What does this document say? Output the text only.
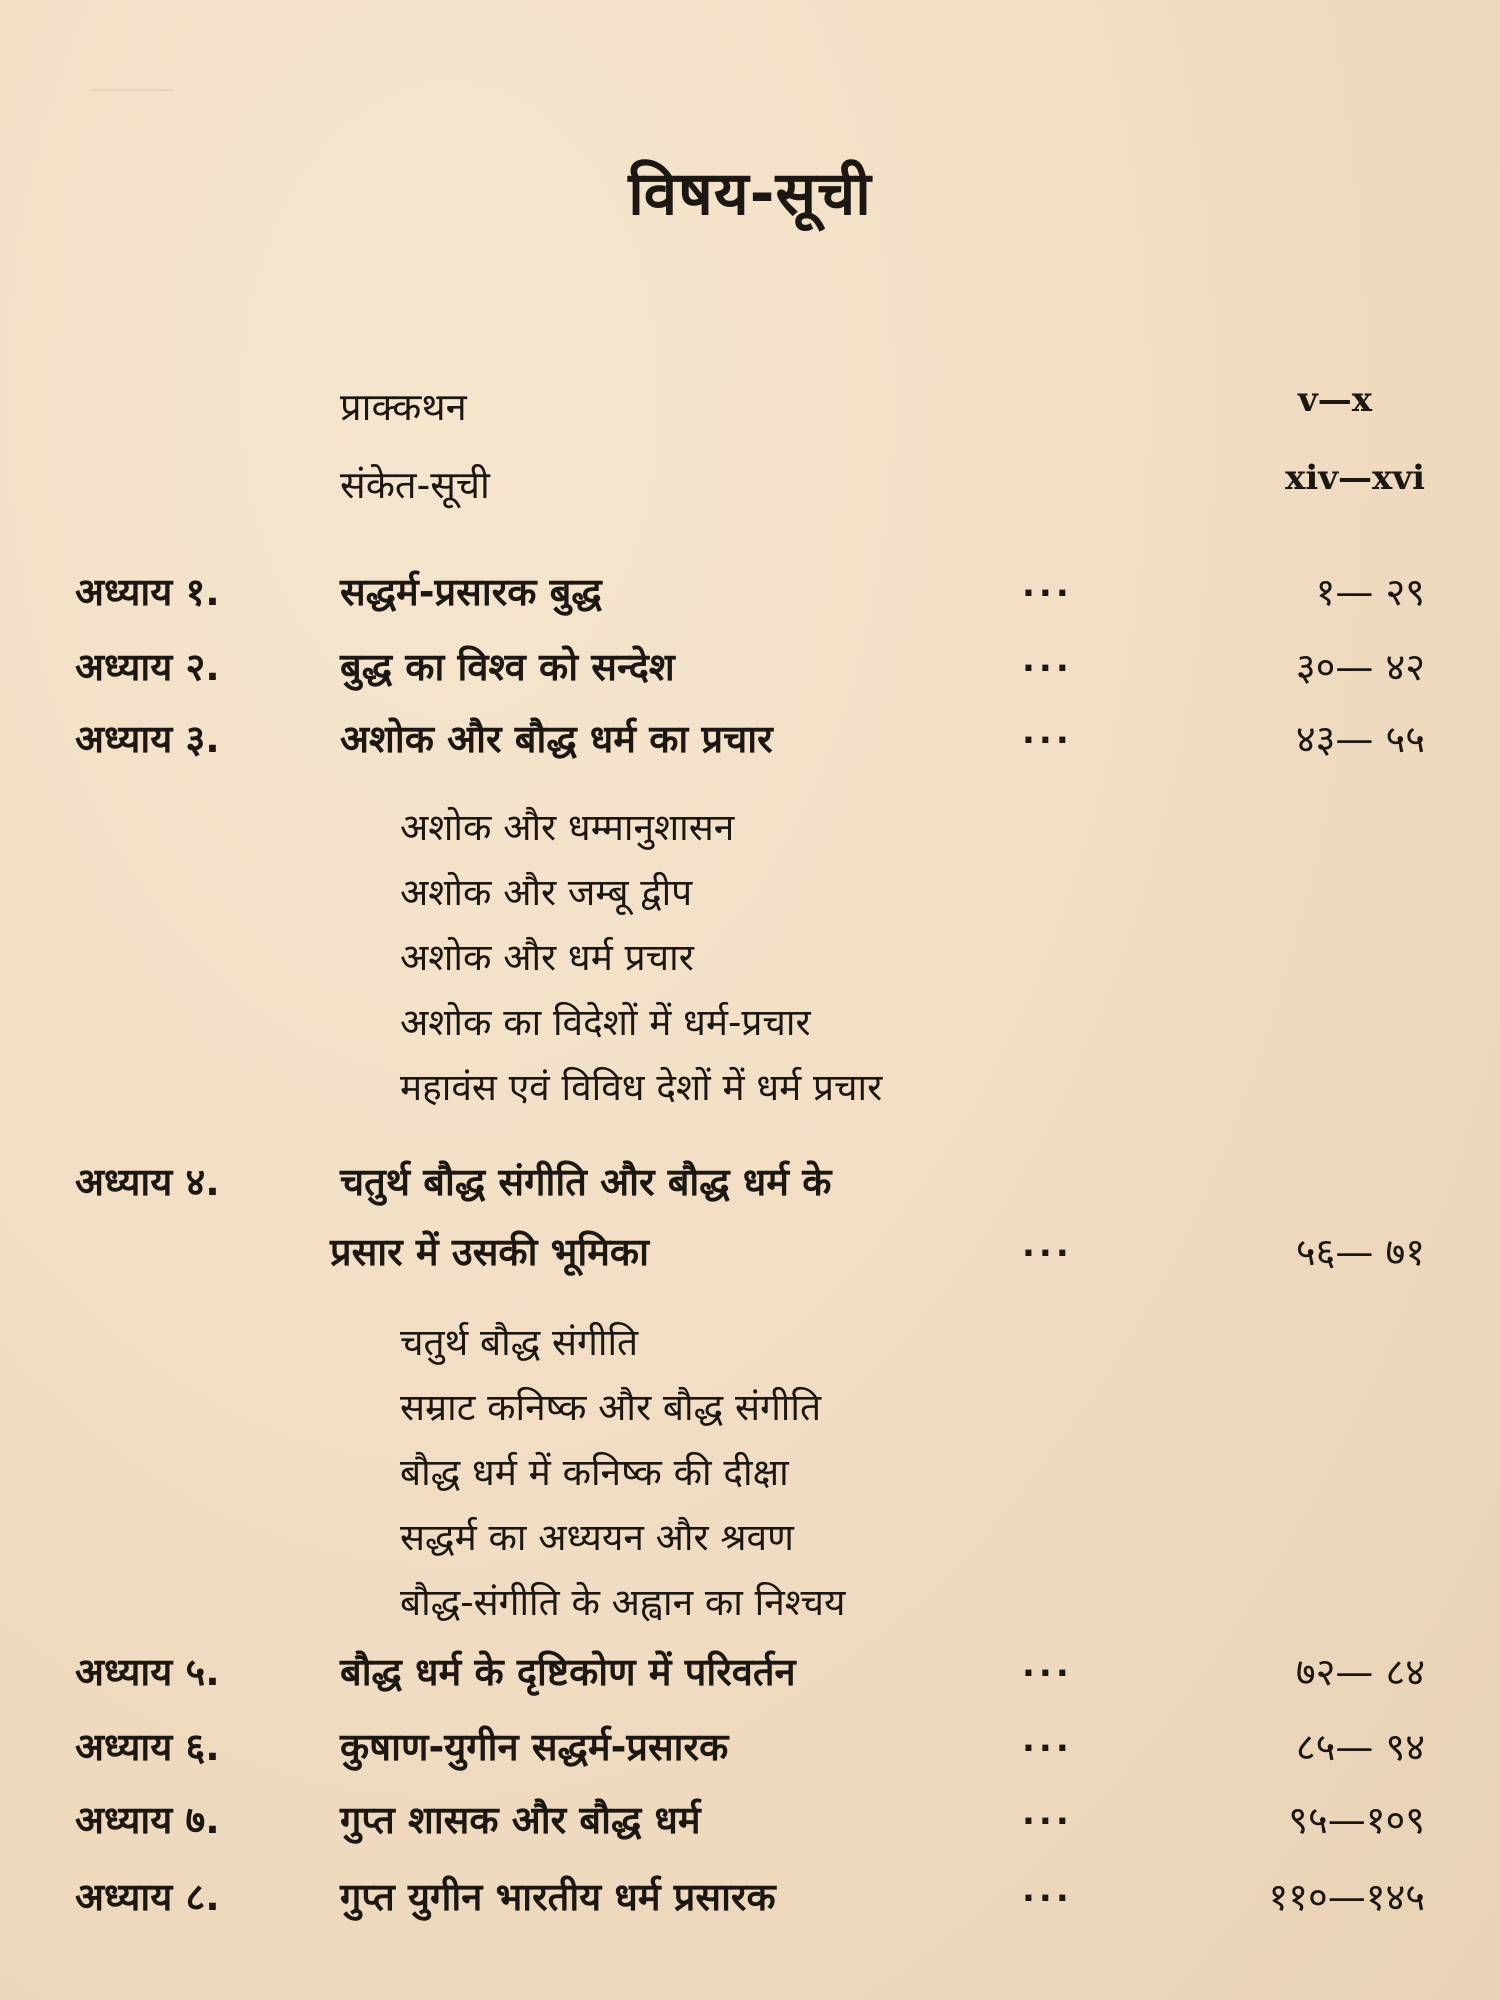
⸻
विषय-सूची
प्राक्कथन	v—x
संकेत-सूची	xiv—xvi
अध्याय १.	सद्धर्म-प्रसारक बुद्ध	...	१— २९
अध्याय २.	बुद्ध का विश्व को सन्देश	...	३०— ४२
अध्याय ३.	अशोक और बौद्ध धर्म का प्रचार	...	४३— ५५
अशोक और धम्मानुशासन
अशोक और जम्बू द्वीप
अशोक और धर्म प्रचार
अशोक का विदेशों में धर्म-प्रचार
महावंस एवं विविध देशों में धर्म प्रचार
अध्याय ४.	चतुर्थ बौद्ध संगीति और बौद्ध धर्म के
प्रसार में उसकी भूमिका	...	५६— ७१
चतुर्थ बौद्ध संगीति
सम्राट कनिष्क और बौद्ध संगीति
बौद्ध धर्म में कनिष्क की दीक्षा
सद्धर्म का अध्ययन और श्रवण
बौद्ध-संगीति के अह्वान का निश्चय
अध्याय ५.	बौद्ध धर्म के दृष्टिकोण में परिवर्तन	...	७२— ८४
अध्याय ६.	कुषाण-युगीन सद्धर्म-प्रसारक	...	८५— ९४
अध्याय ७.	गुप्त शासक और बौद्ध धर्म	...	९५—१०९
अध्याय ८.	गुप्त युगीन भारतीय धर्म प्रसारक	...	११०—१४५
